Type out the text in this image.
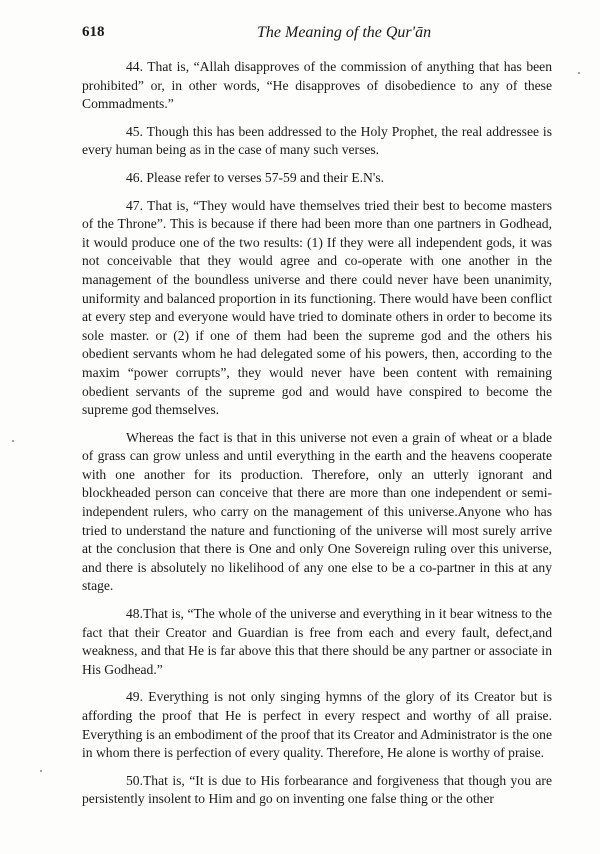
618	The Meaning of the Qur'ān

44. That is, “Allah disapproves of the commission of anything that has been prohibited” or, in other words, “He disapproves of disobedience to any of these Commadments.”

45. Though this has been addressed to the Holy Prophet, the real addressee is every human being as in the case of many such verses.

46. Please refer to verses 57-59 and their E.N's.

47. That is, “They would have themselves tried their best to become masters of the Throne”. This is because if there had been more than one partners in Godhead, it would produce one of the two results: (1) If they were all independent gods, it was not conceivable that they would agree and co-operate with one another in the management of the boundless universe and there could never have been unanimity, uniformity and balanced proportion in its functioning. There would have been conflict at every step and everyone would have tried to dominate others in order to become its sole master. or (2) if one of them had been the supreme god and the others his obedient servants whom he had delegated some of his powers, then, according to the maxim “power corrupts”, they would never have been content with remaining obedient servants of the supreme god and would have conspired to become the supreme god themselves.

Whereas the fact is that in this universe not even a grain of wheat or a blade of grass can grow unless and until everything in the earth and the heavens cooperate with one another for its production. Therefore, only an utterly ignorant and blockheaded person can conceive that there are more than one independent or semi-independent rulers, who carry on the management of this universe.Anyone who has tried to understand the nature and functioning of the universe will most surely arrive at the conclusion that there is One and only One Sovereign ruling over this universe, and there is absolutely no likelihood of any one else to be a co-partner in this at any stage.

48.That is, “The whole of the universe and everything in it bear witness to the fact that their Creator and Guardian is free from each and every fault, defect,and weakness, and that He is far above this that there should be any partner or associate in His Godhead.”

49. Everything is not only singing hymns of the glory of its Creator but is affording the proof that He is perfect in every respect and worthy of all praise. Everything is an embodiment of the proof that its Creator and Administrator is the one in whom there is perfection of every quality. Therefore, He alone is worthy of praise.

50.That is, “It is due to His forbearance and forgiveness that though you are persistently insolent to Him and go on inventing one false thing or the other
